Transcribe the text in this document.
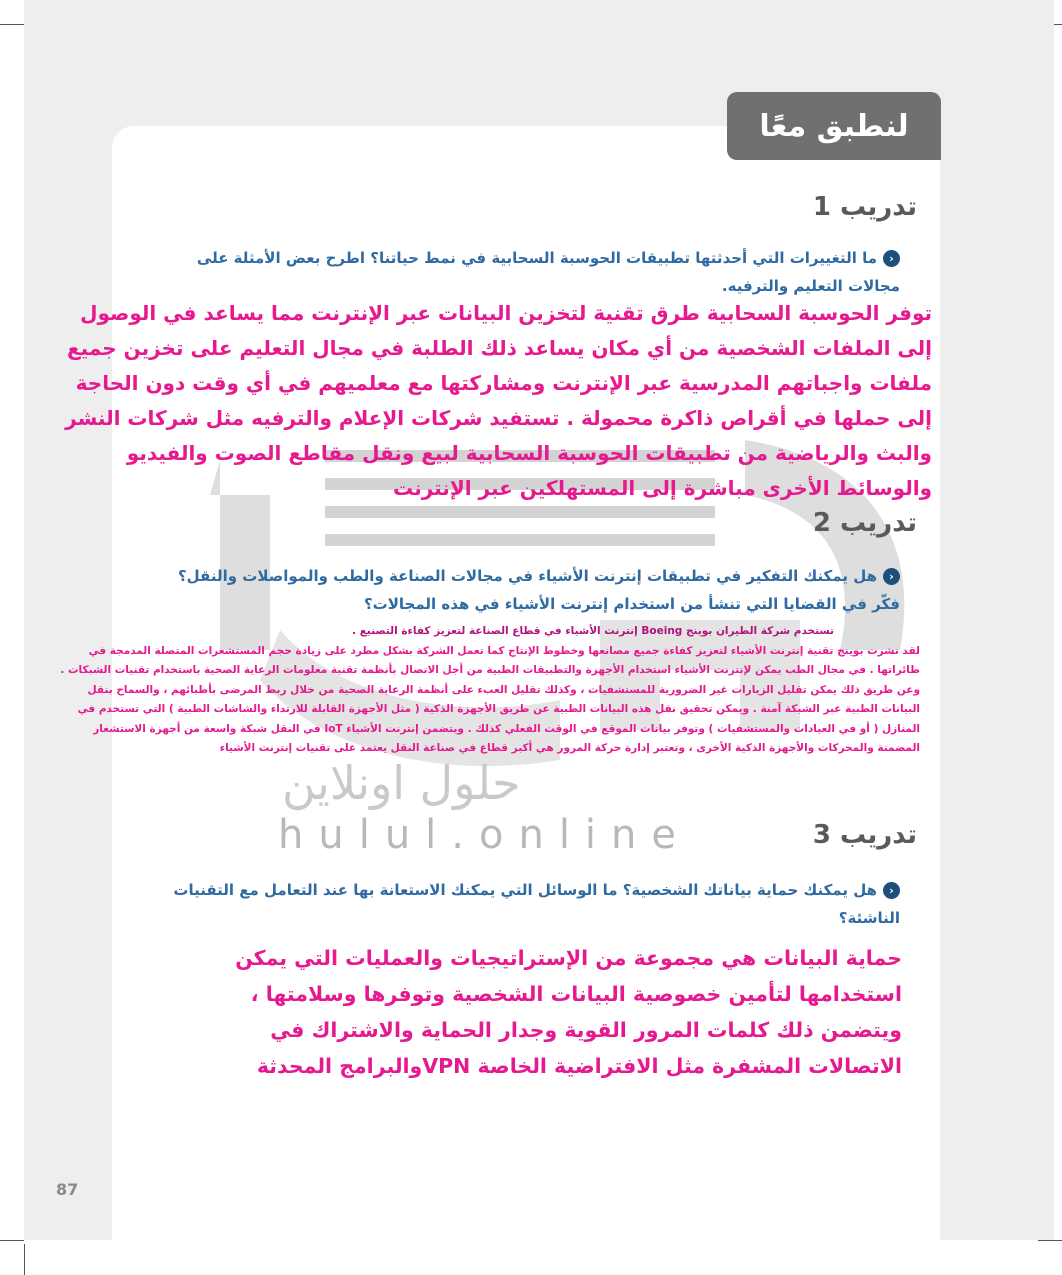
لنطبق معًا
حلول اونلاين
hulul.online
تدريب 1
‹ما التغييرات التي أحدثتها تطبيقات الحوسبة السحابية في نمط حياتنا؟ اطرح بعض الأمثلة على مجالات التعليم والترفيه.
توفر الحوسبة السحابية طرق تقنية لتخزين البيانات عبر الإنترنت مما يساعد في الوصول إلى الملفات الشخصية من أي مكان يساعد ذلك الطلبة في مجال التعليم على تخزين جميع ملفات واجباتهم المدرسية عبر الإنترنت ومشاركتها مع معلميهم في أي وقت دون الحاجة إلى حملها في أقراص ذاكرة محمولة . تستفيد شركات الإعلام والترفيه مثل شركات النشر والبث والرياضية من تطبيقات الحوسبة السحابية لبيع ونقل مقاطع الصوت والفيديو والوسائط الأخرى مباشرة إلى المستهلكين عبر الإنترنت
تدريب 2
‹هل يمكنك التفكير في تطبيقات إنترنت الأشياء في مجالات الصناعة والطب والمواصلات والنقل؟ فكّر في القضايا التي تنشأ من استخدام إنترنت الأشياء في هذه المجالات؟
تستخدم شركة الطيران بوينج Boeing إنترنت الأشياء في قطاع الصناعة لتعزيز كفاءة التصنيع .
لقد نشرت بوينج تقنية إنترنت الأشياء لتعزيز كفاءة جميع مصانعها وخطوط الإنتاج كما تعمل الشركة بشكل مطرد على زيادة حجم المستشعرات المتصلة المدمجة في طائراتها . في مجال الطب يمكن لإنترنت الأشياء استخدام الأجهزة والتطبيقات الطبية من أجل الاتصال بأنظمة تقنية معلومات الرعاية الصحية باستخدام تقنيات الشبكات . وعن طريق ذلك يمكن تقليل الزيارات غير الضرورية للمستشفيات ، وكذلك تقليل العبء على أنظمة الرعاية الصحية من خلال ربط المرضى بأطبائهم ، والسماح بنقل البيانات الطبية عبر الشبكة آمنة . ويمكن تحقيق نقل هذه البيانات الطبية عن طريق الأجهزة الذكية ( مثل الأجهزة القابلة للارتداء والشاشات الطبية ) التي تستخدم في المنازل ( أو في العيادات والمستشفيات ) وتوفر بيانات الموقع في الوقت الفعلي كذلك . ويتضمن إنترنت الأشياء IoT في النقل شبكة واسعة من أجهزة الاستشعار المضمنة والمحركات والأجهزة الذكية الأخرى ، وتعتبر إدارة حركة المرور هي أكبر قطاع في صناعة النقل يعتمد على تقنيات إنترنت الأشياء
تدريب 3
‹هل يمكنك حماية بياناتك الشخصية؟ ما الوسائل التي يمكنك الاستعانة بها عند التعامل مع التقنيات الناشئة؟
حماية البيانات هي مجموعة من الإستراتيجيات والعمليات التي يمكن استخدامها لتأمين خصوصية البيانات الشخصية وتوفرها وسلامتها ، ويتضمن ذلك كلمات المرور القوية وجدار الحماية والاشتراك في الاتصالات المشفرة مثل الافتراضية الخاصة VPNوالبرامج المحدثة
87
